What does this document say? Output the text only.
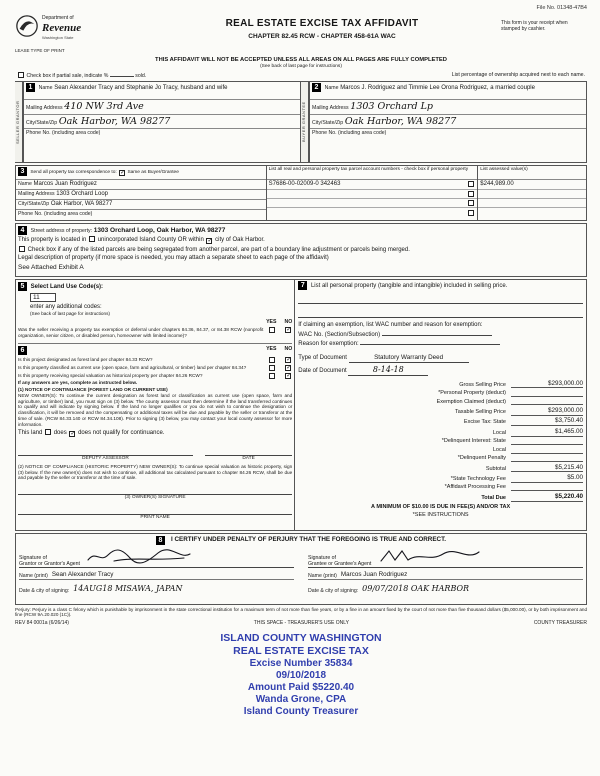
File No. 01348-47B4
Department of
Revenue
Washington State
LEASE TYPE OF PRINT
REAL ESTATE EXCISE TAX AFFIDAVIT
CHAPTER 82.45 RCW - CHAPTER 458-61A WAC
This form is your receipt when stamped by cashier.
THIS AFFIDAVIT WILL NOT BE ACCEPTED UNLESS ALL AREAS ON ALL PAGES ARE FULLY COMPLETED
(See back of last page for instructions)
Check box if partial sale, indicate %	sold.	List percentage of ownership acquired next to each name.
SELLER GRANTOR
1 Name Sean Alexander Tracy and Stephanie Jo Tracy, husband and wife
Mailing Address 410 NW 3rd Ave
City/State/Zip Oak Harbor, WA 98277
Phone No. (including area code)	BUYER GRANTEE
2 Name Marcos J. Rodriguez and Timmie Lee Orona Rodriguez, a married couple
Mailing Address 1303 Orchard Lp
City/State/Zip Oak Harbor, WA 98277
Phone No. (including area code)
3 Send all property tax correspondence to: ✓ Same as Buyer/Grantee
Name Marcos Juan Rodriguez
Mailing Address 1303 Orchard Loop
City/State/Zip Oak Harbor, WA 98277
Phone No. (including area code)
List all real and personal property tax parcel account numbers - check box if personal property
S7686-00-02009-0 342463
List assessed value(s)
$244,989.00
4 Street address of property: 1303 Orchard Loop, Oak Harbor, WA 98277
This property is located in unincorporated Island County OR within ✓ city of Oak Harbor.
Check box if any of the listed parcels are being segregated from another parcel, are part of a boundary line adjustment or parcels being merged.
Legal description of property (if more space is needed, you may attach a separate sheet to each page of the affidavit)
See Attached Exhibit A
5 Select Land Use Code(s):
11
enter any additional codes:
(See back of last page for instructions)
YES NO
Was the seller receiving a property tax exemption or deferral under chapters 84.36, 84.37, or 84.38 RCW (nonprofit organization, senior citizen, or disabled person, homeowner with limited income)?
✓
6	YES NO
Is this project designated as forest land per chapter 84.33 RCW?	✓
Is this property classified as current use (open space, farm and agricultural, or timber) land per chapter 84.34?	✓
Is this property receiving special valuation as historical property per chapter 84.26 RCW?	✓
If any answers are yes, complete as instructed below.
(1) NOTICE OF CONTINUANCE (FOREST LAND OR CURRENT USE)
NEW OWNER(S): To continue the current designation as forest land or classification as current use (open space, farm and agriculture, or timber) land, you must sign on (3) below. The county assessor must then determine if the land transferred continues to qualify and will indicate by signing below. If the land no longer qualifies or you do not wish to continue the designation or classification, it will be removed and the compensating or additional taxes will be due and payable by the seller or transferor at the time of sale. (RCW 84.33.140 or RCW 84.34.108). Prior to signing (3) below, you may contact your local county assessor for more information.
This land does ✓ does not qualify for continuance.
DEPUTY ASSESSOR	DATE
(2) NOTICE OF COMPLIANCE (HISTORIC PROPERTY) NEW OWNER(S): To continue special valuation as historic property, sign (3) below. If the new owner(s) does not wish to continue, all additional tax calculated pursuant to chapter 84.26 RCW, shall be due and payable by the seller or transferor at the time of sale.
(3) OWNER(S) SIGNATURE
PRINT NAME
7 List all personal property (tangible and intangible) included in selling price.
If claiming an exemption, list WAC number and reason for exemption:
WAC No. (Section/Subsection)
Reason for exemption:
Type of Document	Statutory Warranty Deed
Date of Document	8-14-18
Gross Selling Price	$293,000.00
*Personal Property (deduct)
Exemption Claimed (deduct)
Taxable Selling Price	$293,000.00
Excise Tax: State	$3,750.40
Local	$1,465.00
*Delinquent Interest: State
Local
*Delinquent Penalty
Subtotal	$5,215.40
*State Technology Fee	$5.00
*Affidavit Processing Fee
Total Due	$5,220.40
A MINIMUM OF $10.00 IS DUE IN FEE(S) AND/OR TAX
*SEE INSTRUCTIONS
8	I CERTIFY UNDER PENALTY OF PERJURY THAT THE FOREGOING IS TRUE AND CORRECT.
Signature of
Grantor or Grantor's Agent
Name (print) Sean Alexander Tracy
Date & city of signing: 14AUG18 MISAWA, JAPAN
Signature of
Grantee or Grantee's Agent
Name (print) Marcos Juan Rodriguez
Date & city of signing: 09/07/2018 OAK HARBOR
Perjury: Perjury is a class C felony which is punishable by imprisonment in the state correctional institution for a maximum term of not more than five years, or by a fine in an amount fixed by the court of not more than five thousand dollars ($5,000.00), or by both imprisonment and fine (RCW 9A.20.020 (1C)).
REV 84 0001a (6/26/14)	THIS SPACE - TREASURER'S USE ONLY	COUNTY TREASURER
ISLAND COUNTY WASHINGTON
REAL ESTATE EXCISE TAX
Excise Number 35834
09/10/2018
Amount Paid $5220.40
Wanda Grone, CPA
Island County Treasurer
